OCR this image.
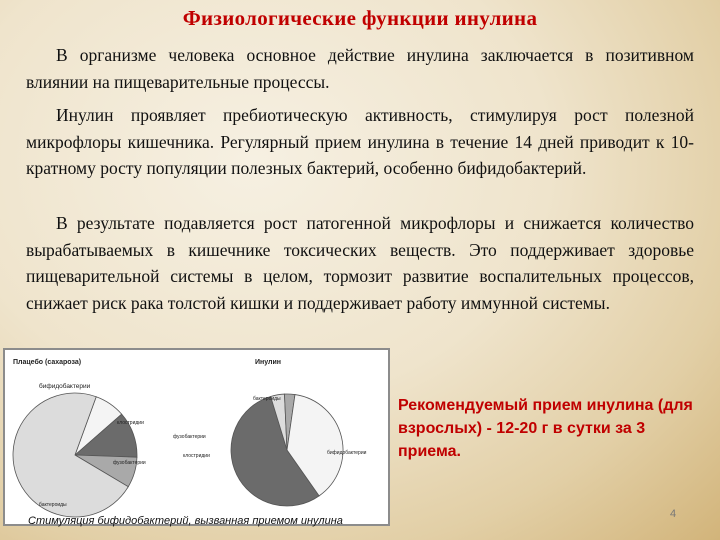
Физиологические функции инулина

В организме человека основное действие инулина заключается в позитивном влиянии на пищеварительные процессы.

Инулин проявляет пребиотическую активность, стимулируя рост полезной микрофлоры кишечника. Регулярный прием инулина в течение 14 дней приводит к 10-кратному росту популяции полезных бактерий, особенно бифидобактерий.

В результате подавляется рост патогенной микрофлоры и снижается количество вырабатываемых в кишечнике токсических веществ. Это поддерживает здоровье пищеварительной системы в целом, тормозит развитие воспалительных процессов, снижает риск рака толстой кишки и поддерживает работу иммунной системы.

Плацебо (сахароза)
бифидобактерии
клостридии
фузобактерии
бактероиды
Инулин
бактероиды
фузобактерии
клостридии	бифидобактерии
Стимуляция бифидобактерий, вызванная приемом инулина
Рекомендуемый прием инулина (для взрослых) - 12-20 г в сутки за 3 приема.
4
